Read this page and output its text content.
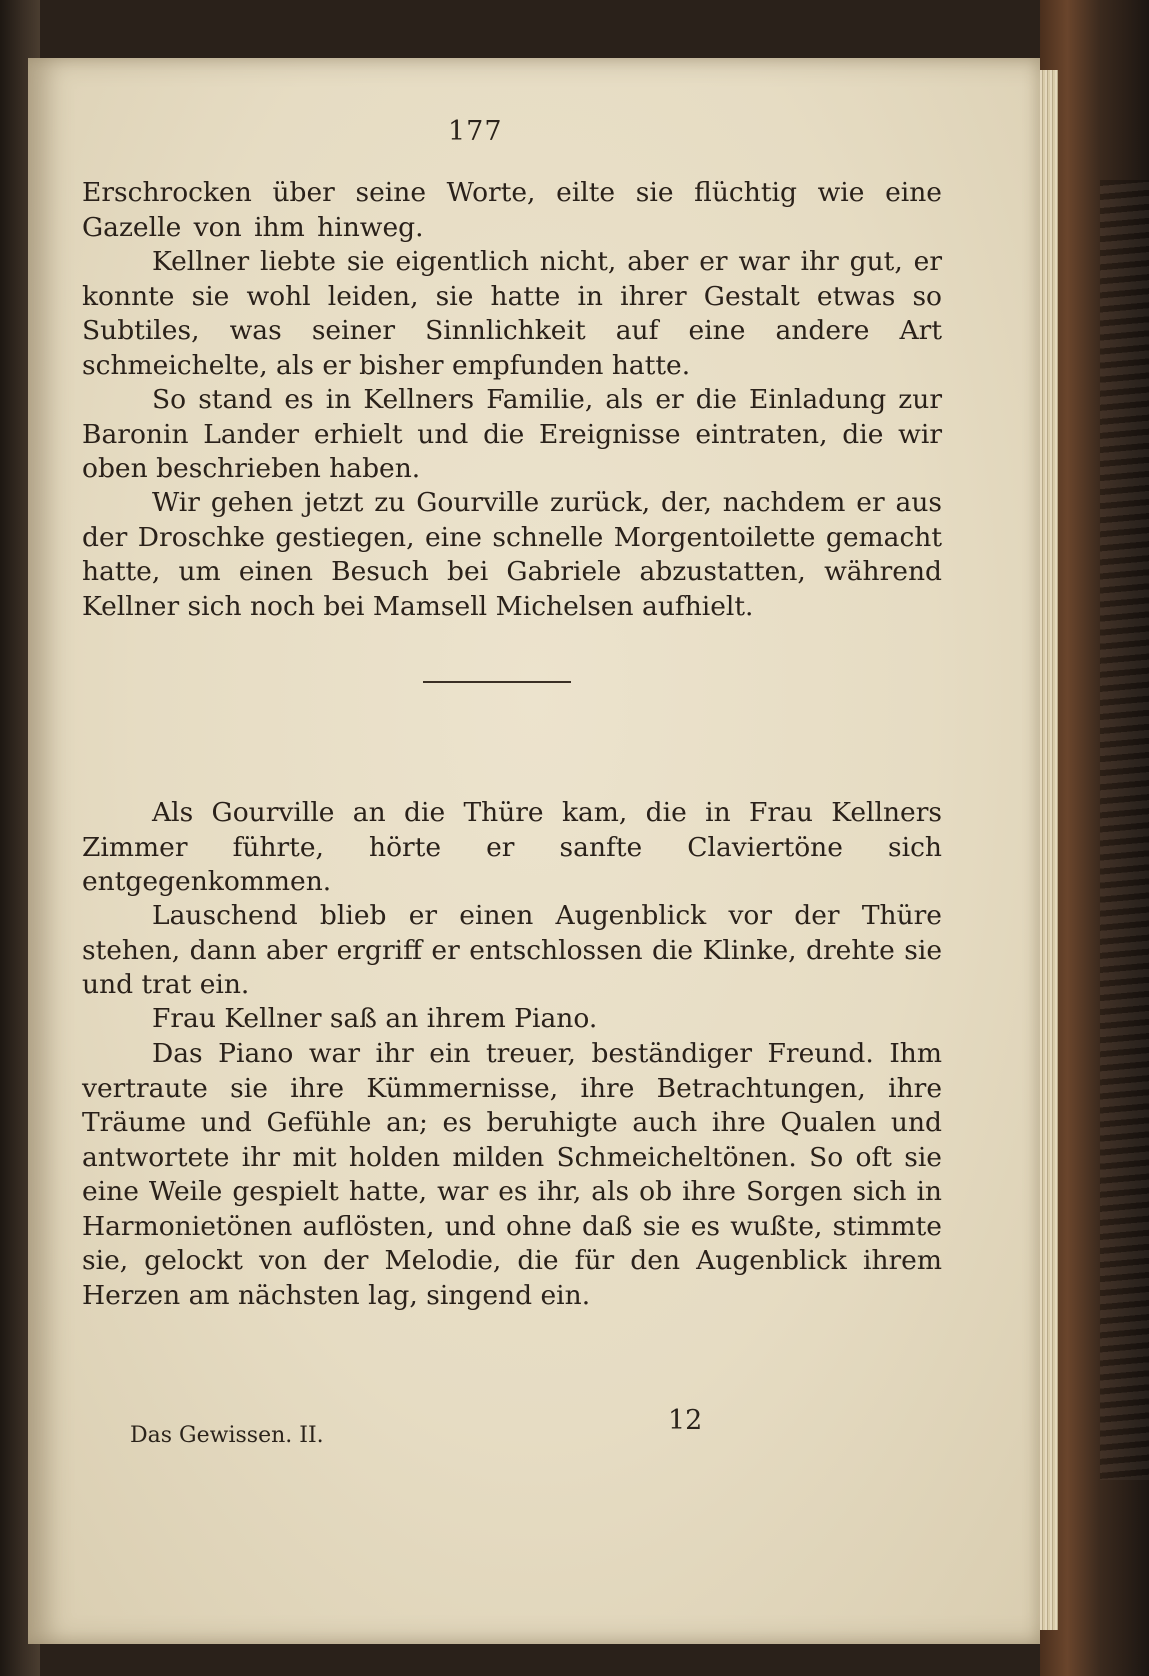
177

Erschrocken über seine Worte, eilte sie flüchtig wie eine Gazelle von ihm hinweg.

Kellner liebte sie eigentlich nicht, aber er war ihr gut, er konnte sie wohl leiden, sie hatte in ihrer Gestalt etwas so Subtiles, was seiner Sinnlichkeit auf eine andere Art schmeichelte, als er bisher empfunden hatte.

So stand es in Kellners Familie, als er die Einladung zur Baronin Lander erhielt und die Ereignisse eintraten, die wir oben beschrieben haben.

Wir gehen jetzt zu Gourville zurück, der, nachdem er aus der Droschke gestiegen, eine schnelle Morgentoilette gemacht hatte, um einen Besuch bei Gabriele abzustatten, während Kellner sich noch bei Mamsell Michelsen aufhielt.

Als Gourville an die Thüre kam, die in Frau Kellners Zimmer führte, hörte er sanfte Claviertöne sich entgegenkommen.

Lauschend blieb er einen Augenblick vor der Thüre stehen, dann aber ergriff er entschlossen die Klinke, drehte sie und trat ein.

Frau Kellner saß an ihrem Piano.

Das Piano war ihr ein treuer, beständiger Freund. Ihm vertraute sie ihre Kümmernisse, ihre Betrachtungen, ihre Träume und Gefühle an; es beruhigte auch ihre Qualen und antwortete ihr mit holden milden Schmeicheltönen. So oft sie eine Weile gespielt hatte, war es ihr, als ob ihre Sorgen sich in Harmonietönen auflösten, und ohne daß sie es wußte, stimmte sie, gelockt von der Melodie, die für den Augenblick ihrem Herzen am nächsten lag, singend ein.

Das Gewissen. II.	12
